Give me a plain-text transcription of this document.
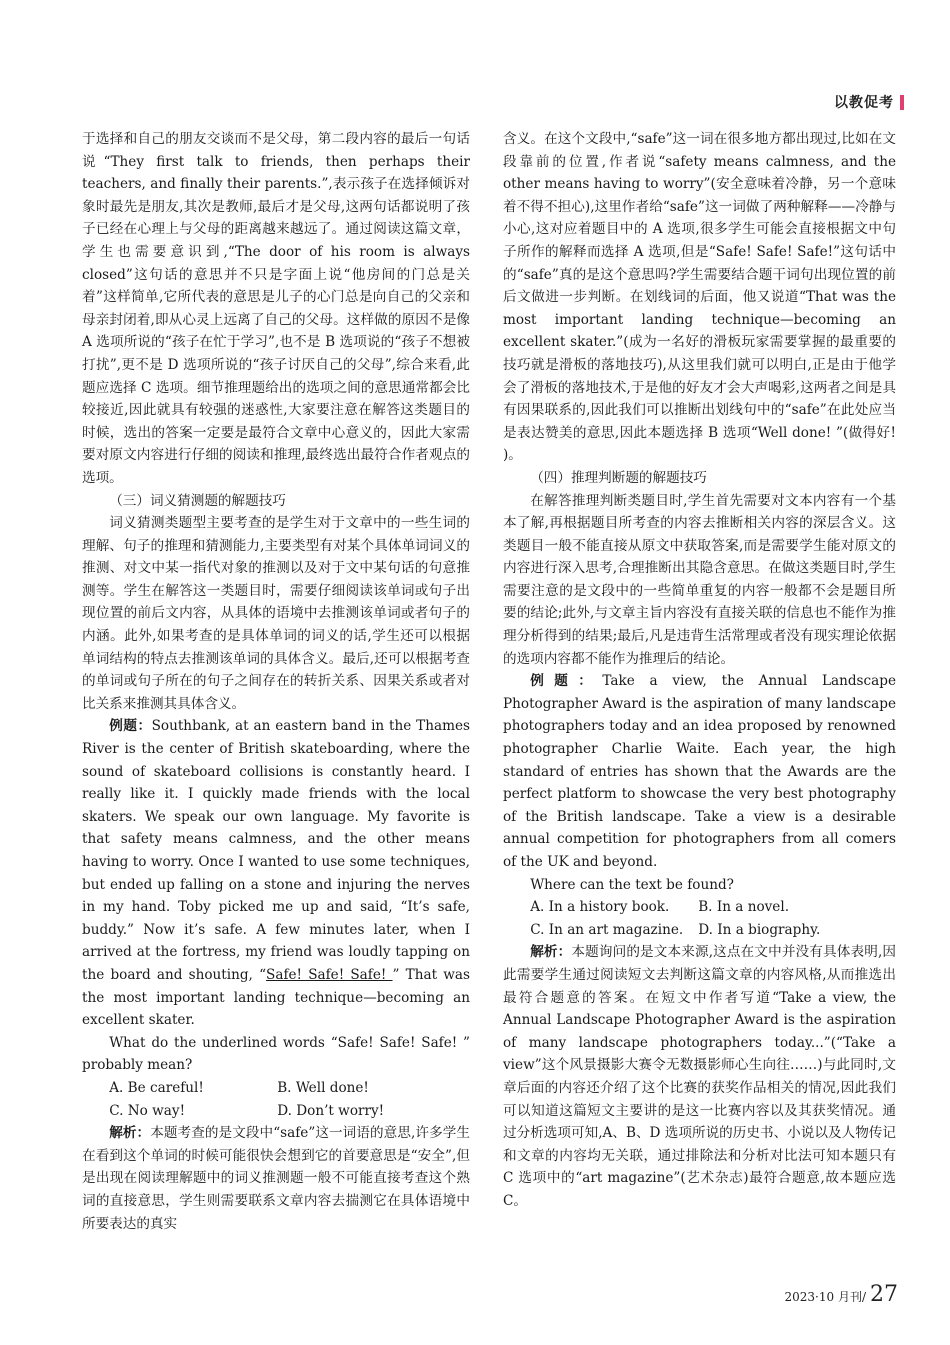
以教促考

于选择和自己的朋友交谈而不是父母，第二段内容的最后一句话说“They first talk to friends, then perhaps their teachers, and finally their parents.”,表示孩子在选择倾诉对象时最先是朋友,其次是教师,最后才是父母,这两句话都说明了孩子已经在心理上与父母的距离越来越远了。通过阅读这篇文章，学生也需要意识到,“The door of his room is always closed”这句话的意思并不只是字面上说“他房间的门总是关着”这样简单,它所代表的意思是儿子的心门总是向自己的父亲和母亲封闭着,即从心灵上远离了自己的父母。这样做的原因不是像 A 选项所说的“孩子在忙于学习”,也不是 B 选项说的“孩子不想被打扰”,更不是 D 选项所说的“孩子讨厌自己的父母”,综合来看,此题应选择 C 选项。细节推理题给出的选项之间的意思通常都会比较接近,因此就具有较强的迷惑性,大家要注意在解答这类题目的时候，选出的答案一定要是最符合文章中心意义的，因此大家需要对原文内容进行仔细的阅读和推理,最终选出最符合作者观点的选项。

（三）词义猜测题的解题技巧

词义猜测类题型主要考查的是学生对于文章中的一些生词的理解、句子的推理和猜测能力,主要类型有对某个具体单词词义的推测、对文中某一指代对象的推测以及对于文中某句话的句意推测等。学生在解答这一类题目时，需要仔细阅读该单词或句子出现位置的前后文内容，从具体的语境中去推测该单词或者句子的内涵。此外,如果考查的是具体单词的词义的话,学生还可以根据单词结构的特点去推测该单词的具体含义。最后,还可以根据考查的单词或句子所在的句子之间存在的转折关系、因果关系或者对比关系来推测其具体含义。

例题：Southbank, at an eastern band in the Thames River is the center of British skateboarding, where the sound of skateboard collisions is constantly heard. I really like it. I quickly made friends with the local skaters. We speak our own language. My favorite is that safety means calmness, and the other means having to worry. Once I wanted to use some techniques, but ended up falling on a stone and injuring the nerves in my hand. Toby picked me up and said, “It’s safe, buddy.” Now it’s safe. A few minutes later, when I arrived at the fortress, my friend was loudly tapping on the board and shouting, “Safe! Safe! Safe! ” That was the most important landing technique—becoming an excellent skater.

What do the underlined words “Safe! Safe! Safe! ” probably mean?

A. Be careful!	B. Well done!
C. No way!	D. Don’t worry!

解析：本题考查的是文段中“safe”这一词语的意思,许多学生在看到这个单词的时候可能很快会想到它的首要意思是“安全”,但是出现在阅读理解题中的词义推测题一般不可能直接考查这个熟词的直接意思，学生则需要联系文章内容去揣测它在具体语境中所要表达的真实

含义。在这个文段中,“safe”这一词在很多地方都出现过,比如在文段靠前的位置,作者说“safety means calmness, and the other means having to worry”(安全意味着冷静，另一个意味着不得不担心),这里作者给“safe”这一词做了两种解释——冷静与小心,这对应着题目中的 A 选项,很多学生可能会直接根据文中句子所作的解释而选择 A 选项,但是“Safe! Safe! Safe!”这句话中的“safe”真的是这个意思吗?学生需要结合题干词句出现位置的前后文做进一步判断。在划线词的后面，他又说道“That was the most important landing technique—becoming an excellent skater.”(成为一名好的滑板玩家需要掌握的最重要的技巧就是滑板的落地技巧),从这里我们就可以明白,正是由于他学会了滑板的落地技术,于是他的好友才会大声喝彩,这两者之间是具有因果联系的,因此我们可以推断出划线句中的“safe”在此处应当是表达赞美的意思,因此本题选择 B 选项“Well done! ”(做得好! )。

（四）推理判断题的解题技巧

在解答推理判断类题目时,学生首先需要对文本内容有一个基本了解,再根据题目所考查的内容去推断相关内容的深层含义。这类题目一般不能直接从原文中获取答案,而是需要学生能对原文的内容进行深入思考,合理推断出其隐含意思。在做这类题目时,学生需要注意的是文段中的一些简单重复的内容一般都不会是题目所要的结论;此外,与文章主旨内容没有直接关联的信息也不能作为推理分析得到的结果;最后,凡是违背生活常理或者没有现实理论依据的选项内容都不能作为推理后的结论。

例题：Take a view, the Annual Landscape Photographer Award is the aspiration of many landscape photographers today and an idea proposed by renowned photographer Charlie Waite. Each year, the high standard of entries has shown that the Awards are the perfect platform to showcase the very best photography of the British landscape. Take a view is a desirable annual competition for photographers from all comers of the UK and beyond.

Where can the text be found?

A. In a history book.	B. In a novel.
C. In an art magazine.	D. In a biography.

解析：本题询问的是文本来源,这点在文中并没有具体表明,因此需要学生通过阅读短文去判断这篇文章的内容风格,从而推选出最符合题意的答案。在短文中作者写道“Take a view, the Annual Landscape Photographer Award is the aspiration of many landscape photographers today...”(“Take a view”这个风景摄影大赛令无数摄影师心生向往……)与此同时,文章后面的内容还介绍了这个比赛的获奖作品相关的情况,因此我们可以知道这篇短文主要讲的是这一比赛内容以及其获奖情况。通过分析选项可知,A、B、D 选项所说的历史书、小说以及人物传记和文章的内容均无关联，通过排除法和分析对比法可知本题只有 C 选项中的“art magazine”(艺术杂志)最符合题意,故本题应选 C。

2023·10 月刊/ 27
